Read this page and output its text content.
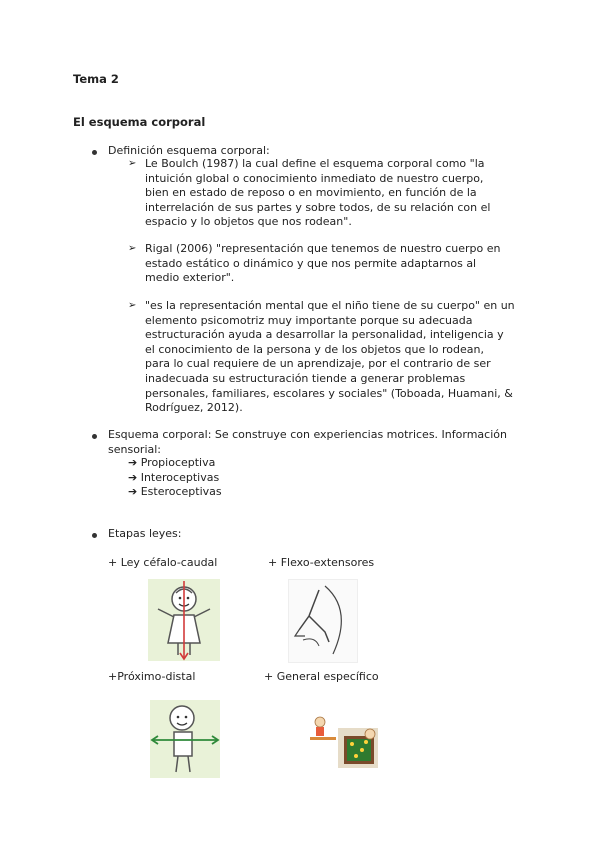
Tema 2
El esquema corporal
Definición esquema corporal:
➢ Le Boulch (1987) la cual define el esquema corporal como "la
intuición global o conocimiento inmediato de nuestro cuerpo,
bien en estado de reposo o en movimiento, en función de la
interrelación de sus partes y sobre todos, de su relación con el
espacio y lo objetos que nos rodean".
➢ Rigal (2006) "representación que tenemos de nuestro cuerpo en
estado estático o dinámico y que nos permite adaptarnos al
medio exterior".
➢ "es la representación mental que el niño tiene de su cuerpo" en un
elemento psicomotriz muy importante porque su adecuada
estructuración ayuda a desarrollar la personalidad, inteligencia y
el conocimiento de la persona y de los objetos que lo rodean,
para lo cual requiere de un aprendizaje, por el contrario de ser
inadecuada su estructuración tiende a generar problemas
personales, familiares, escolares y sociales" (Toboada, Huamani, &
Rodríguez, 2012).
Esquema corporal: Se construye con experiencias motrices. Información
sensorial:
➔ Propioceptiva
➔ Interoceptivas
➔ Esteroceptivas
Etapas leyes:
+ Ley céfalo-caudal	+ Flexo-extensores
+Próximo-distal	+ General específico
